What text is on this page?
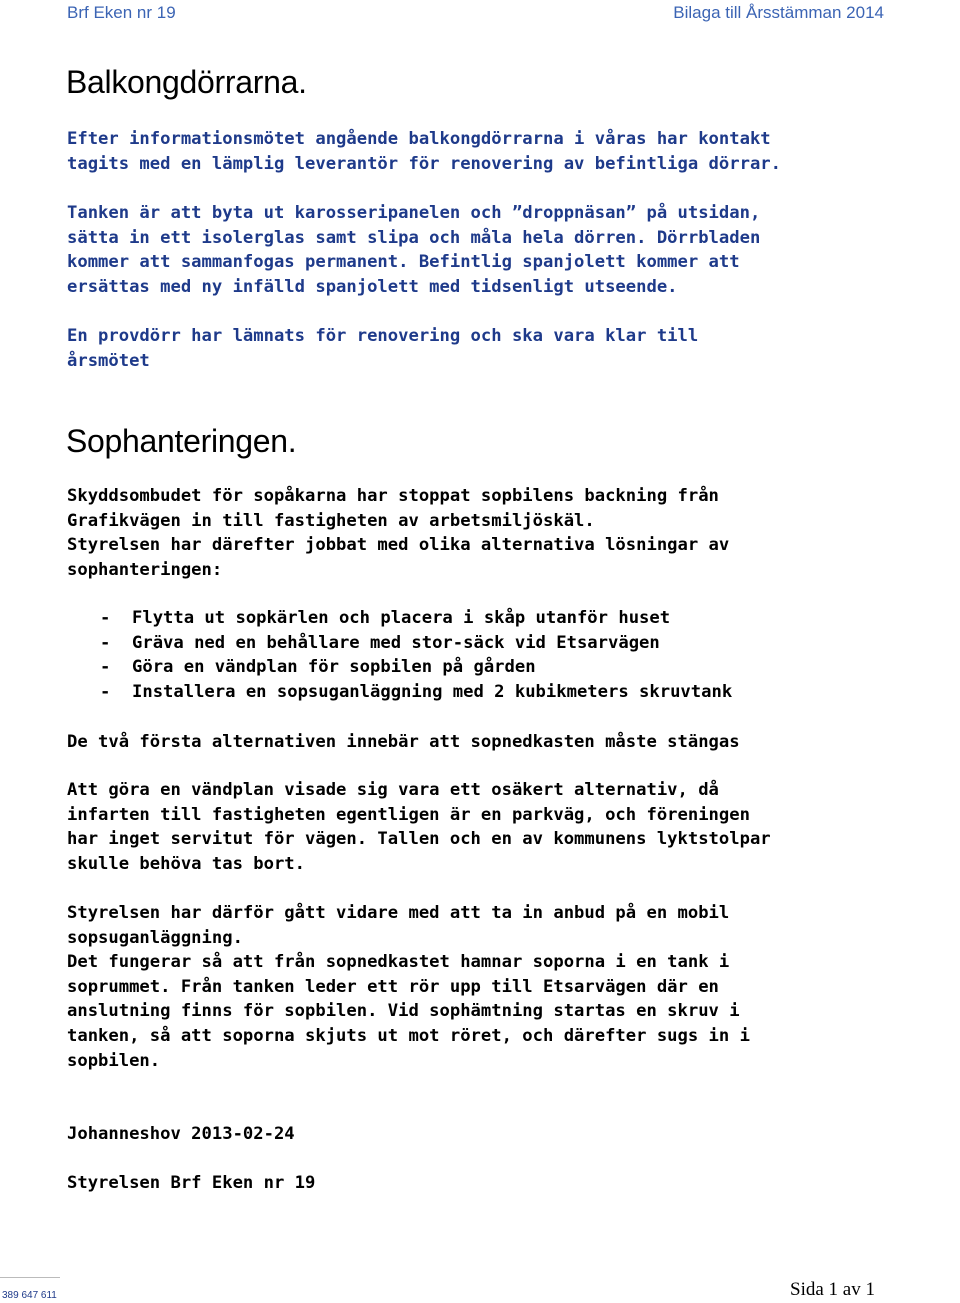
Brf Eken nr 19	Bilaga till Årsstämman 2014
Balkongdörrarna.

Efter informationsmötet angående balkongdörrarna i våras har kontakt
tagits med en lämplig leverantör för renovering av befintliga dörrar.

Tanken är att byta ut karosseripanelen och ”droppnäsan” på utsidan,
sätta in ett isolerglas samt slipa och måla hela dörren. Dörrbladen
kommer att sammanfogas permanent. Befintlig spanjolett kommer att
ersättas med ny infälld spanjolett med tidsenligt utseende.

En provdörr har lämnats för renovering och ska vara klar till
årsmötet

Sophanteringen.

Skyddsombudet för sopåkarna har stoppat sopbilens backning från
Grafikvägen in till fastigheten av arbetsmiljöskäl.
Styrelsen har därefter jobbat med olika alternativa lösningar av
sophanteringen:

- Flytta ut sopkärlen och placera i skåp utanför huset
- Gräva ned en behållare med stor-säck vid Etsarvägen
- Göra en vändplan för sopbilen på gården
- Installera en sopsuganläggning med 2 kubikmeters skruvtank

De två första alternativen innebär att sopnedkasten måste stängas

Att göra en vändplan visade sig vara ett osäkert alternativ, då
infarten till fastigheten egentligen är en parkväg, och föreningen
har inget servitut för vägen. Tallen och en av kommunens lyktstolpar
skulle behöva tas bort.

Styrelsen har därför gått vidare med att ta in anbud på en mobil
sopsuganläggning.
Det fungerar så att från sopnedkastet hamnar soporna i en tank i
soprummet. Från tanken leder ett rör upp till Etsarvägen där en
anslutning finns för sopbilen. Vid sophämtning startas en skruv i
tanken, så att soporna skjuts ut mot röret, och därefter sugs in i
sopbilen.

Johanneshov 2013-02-24

Styrelsen Brf Eken nr 19

389 647 611	Sida 1 av 1
